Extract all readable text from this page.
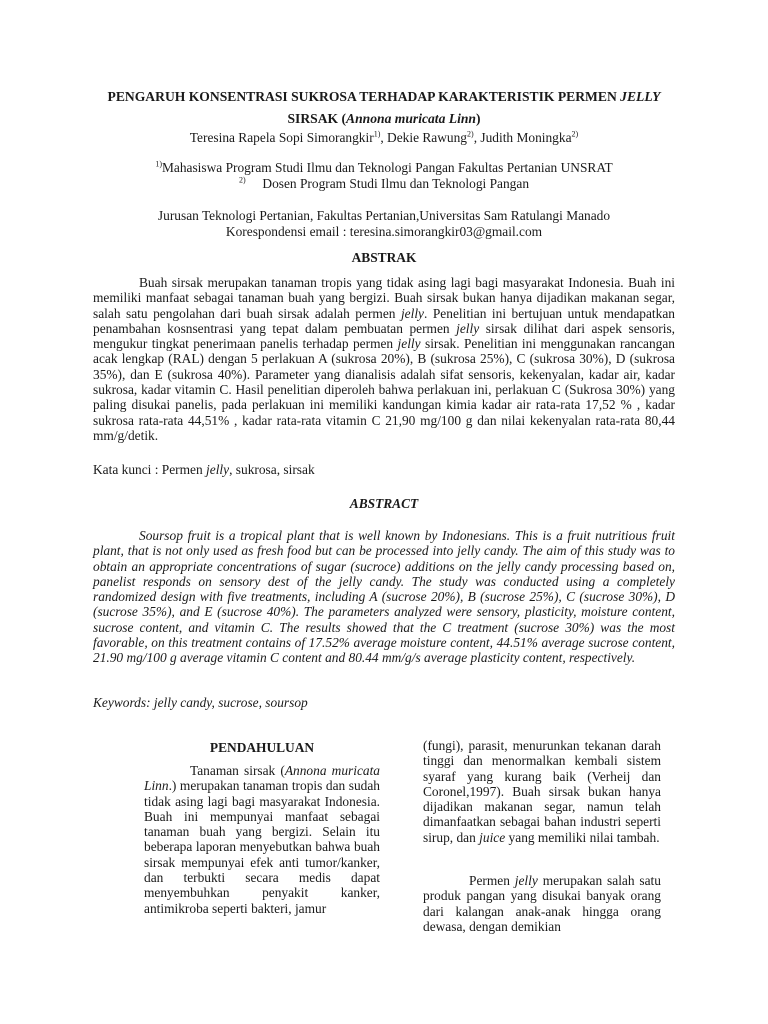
PENGARUH KONSENTRASI SUKROSA TERHADAP KARAKTERISTIK PERMEN JELLY
SIRSAK (Annona muricata Linn)
Teresina Rapela Sopi Simorangkir$^{1)}$, Dekie Rawung$^{2)}$, Judith Moningka$^{2)}$
$^{1)}$Mahasiswa Program Studi Ilmu dan Teknologi Pangan Fakultas Pertanian UNSRAT
$^{2)}$ Dosen Program Studi Ilmu dan Teknologi Pangan
Jurusan Teknologi Pertanian, Fakultas Pertanian,Universitas Sam Ratulangi Manado
Korespondensi email : teresina.simorangkir03@gmail.com
ABSTRAK

Buah sirsak merupakan tanaman tropis yang tidak asing lagi bagi masyarakat Indonesia. Buah ini memiliki manfaat sebagai tanaman buah yang bergizi. Buah sirsak bukan hanya dijadikan makanan segar, salah satu pengolahan dari buah sirsak adalah permen jelly. Penelitian ini bertujuan untuk mendapatkan penambahan kosnsentrasi yang tepat dalam pembuatan permen jelly sirsak dilihat dari aspek sensoris, mengukur tingkat penerimaan panelis terhadap permen jelly sirsak. Penelitian ini menggunakan rancangan acak lengkap (RAL) dengan 5 perlakuan A (sukrosa 20%), B (sukrosa 25%), C (sukrosa 30%), D (sukrosa 35%), dan E (sukrosa 40%). Parameter yang dianalisis adalah sifat sensoris, kekenyalan, kadar air, kadar sukrosa, kadar vitamin C. Hasil penelitian diperoleh bahwa perlakuan ini, perlakuan C (Sukrosa 30%) yang paling disukai panelis, pada perlakuan ini memiliki kandungan kimia kadar air rata-rata 17,52 % , kadar sukrosa rata-rata 44,51% , kadar rata-rata vitamin C 21,90 mg/100 g dan nilai kekenyalan rata-rata 80,44 mm/g/detik.

Kata kunci : Permen jelly, sukrosa, sirsak

ABSTRACT

Soursop fruit is a tropical plant that is well known by Indonesians. This is a fruit nutritious fruit plant, that is not only used as fresh food but can be processed into jelly candy. The aim of this study was to obtain an appropriate concentrations of sugar (sucroce) additions on the jelly candy processing based on, panelist responds on sensory dest of the jelly candy. The study was conducted using a completely randomized design with five treatments, including A (sucrose 20%), B (sucrose 25%), C (sucrose 30%), D (sucrose 35%), and E (sucrose 40%). The parameters analyzed were sensory, plasticity, moisture content, sucrose content, and vitamin C. The results showed that the C treatment (sucrose 30%) was the most favorable, on this treatment contains of 17.52% average moisture content, 44.51% average sucrose content, 21.90 mg/100 g average vitamin C content and 80.44 mm/g/s average plasticity content, respectively.

Keywords: jelly candy, sucrose, soursop

PENDAHULUAN

Tanaman sirsak (Annona muricata Linn.) merupakan tanaman tropis dan sudah tidak asing lagi bagi masyarakat Indonesia. Buah ini mempunyai manfaat sebagai tanaman buah yang bergizi. Selain itu beberapa laporan menyebutkan bahwa buah sirsak mempunyai efek anti tumor/kanker, dan terbukti secara medis dapat menyembuhkan penyakit kanker, antimikroba seperti bakteri, jamur

(fungi), parasit, menurunkan tekanan darah tinggi dan menormalkan kembali sistem syaraf yang kurang baik (Verheij dan Coronel,1997). Buah sirsak bukan hanya dijadikan makanan segar, namun telah dimanfaatkan sebagai bahan industri seperti sirup, dan juice yang memiliki nilai tambah.

Permen jelly merupakan salah satu produk pangan yang disukai banyak orang dari kalangan anak-anak hingga orang dewasa, dengan demikian
